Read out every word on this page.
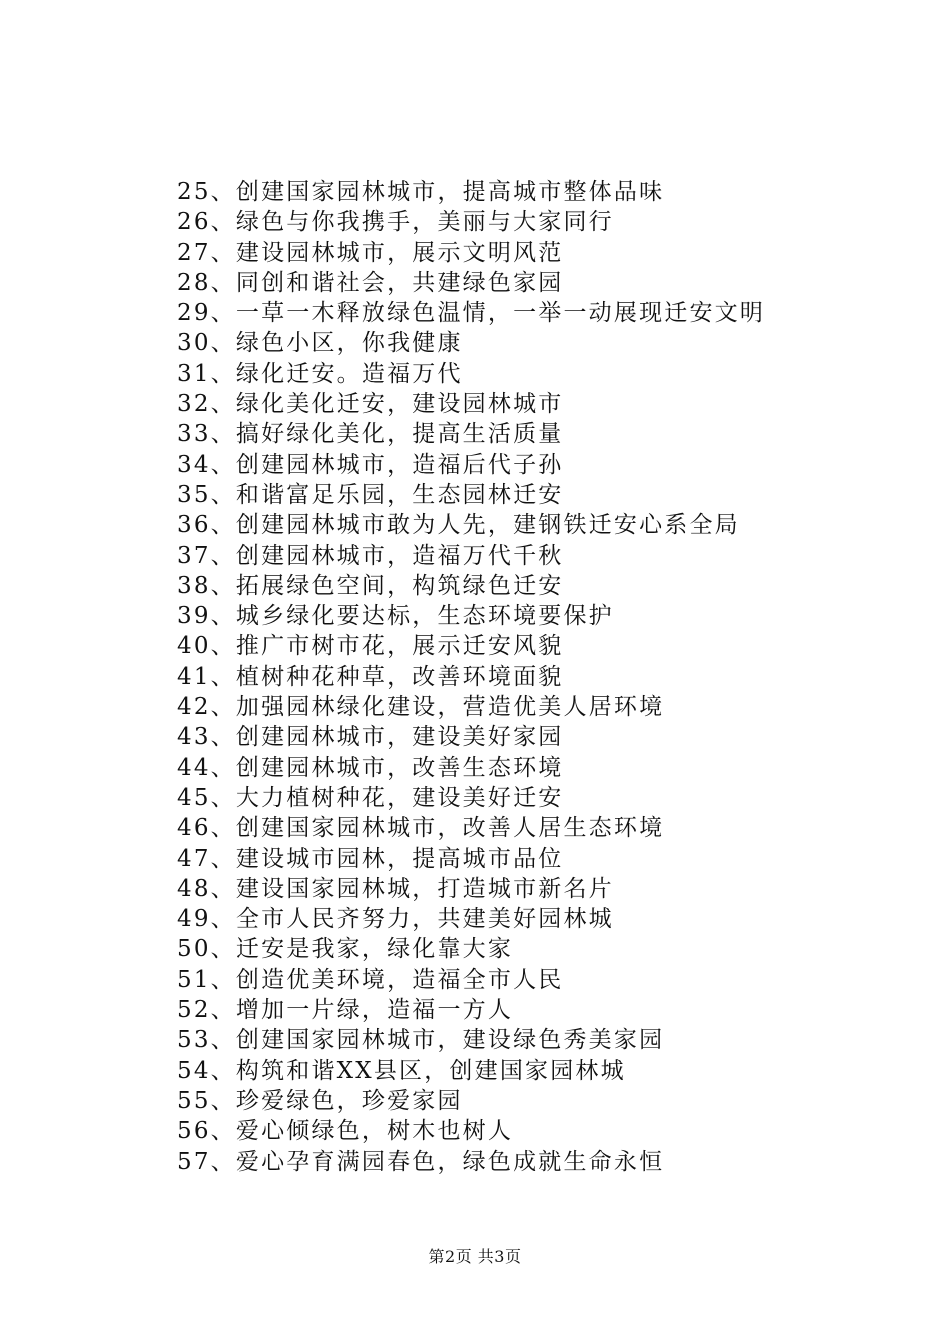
25、创建国家园林城市，提高城市整体品味
26、绿色与你我携手，美丽与大家同行
27、建设园林城市，展示文明风范
28、同创和谐社会，共建绿色家园
29、一草一木释放绿色温情，一举一动展现迁安文明
30、绿色小区，你我健康
31、绿化迁安。造福万代
32、绿化美化迁安，建设园林城市
33、搞好绿化美化，提高生活质量
34、创建园林城市，造福后代子孙
35、和谐富足乐园，生态园林迁安
36、创建园林城市敢为人先，建钢铁迁安心系全局
37、创建园林城市，造福万代千秋
38、拓展绿色空间，构筑绿色迁安
39、城乡绿化要达标，生态环境要保护
40、推广市树市花，展示迁安风貌
41、植树种花种草，改善环境面貌
42、加强园林绿化建设，营造优美人居环境
43、创建园林城市，建设美好家园
44、创建园林城市，改善生态环境
45、大力植树种花，建设美好迁安
46、创建国家园林城市，改善人居生态环境
47、建设城市园林，提高城市品位
48、建设国家园林城，打造城市新名片
49、全市人民齐努力，共建美好园林城
50、迁安是我家，绿化靠大家
51、创造优美环境，造福全市人民
52、增加一片绿，造福一方人
53、创建国家园林城市，建设绿色秀美家园
54、构筑和谐XX县区，创建国家园林城
55、珍爱绿色，珍爱家园
56、爱心倾绿色，树木也树人
57、爱心孕育满园春色，绿色成就生命永恒
第2页 共3页
